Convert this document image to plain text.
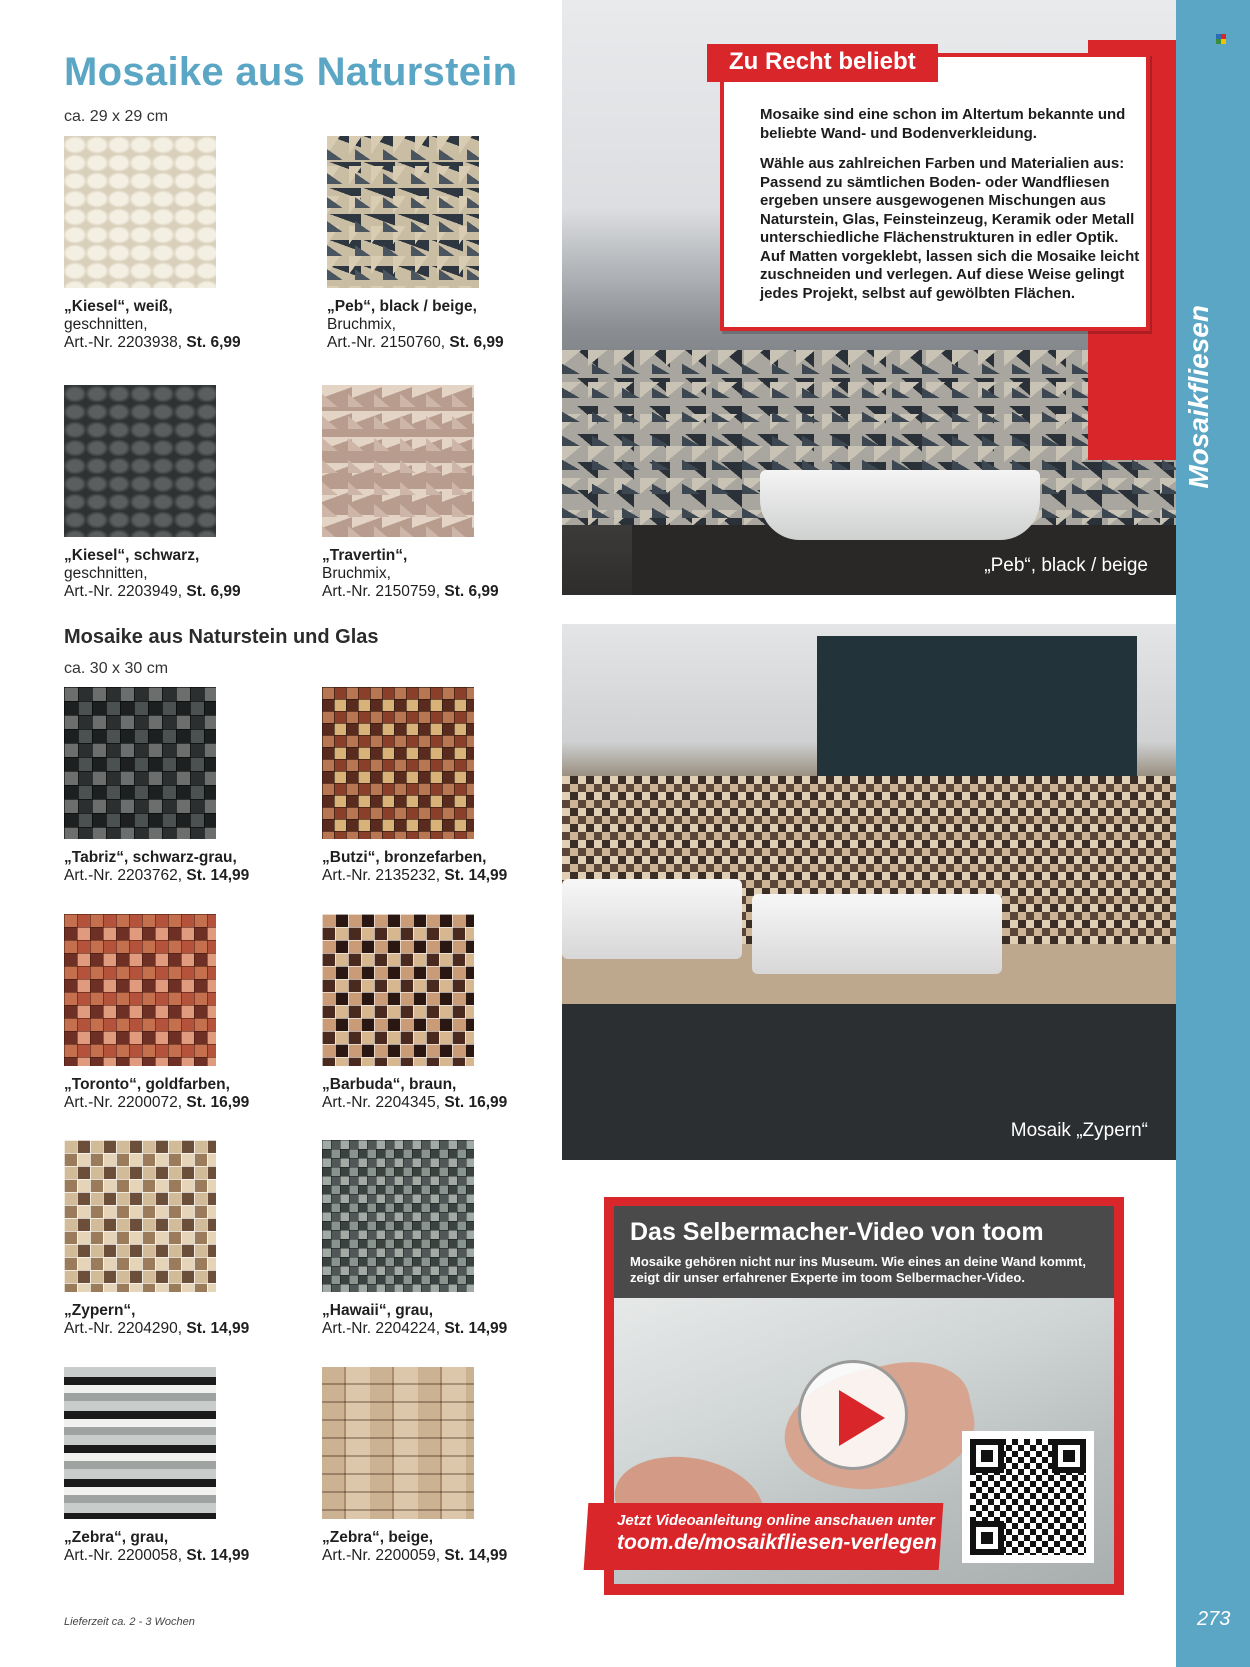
Mosaike aus Naturstein
ca. 29 x 29 cm
„Kiesel“, weiß,
geschnitten,
Art.-Nr. 2203938, St. 6,99
„Peb“, black / beige,
Bruchmix,
Art.-Nr. 2150760, St. 6,99
„Kiesel“, schwarz,
geschnitten,
Art.-Nr. 2203949, St. 6,99
„Travertin“,
Bruchmix,
Art.-Nr. 2150759, St. 6,99
Mosaike aus Naturstein und Glas
ca. 30 x 30 cm
„Tabriz“, schwarz-grau,
Art.-Nr. 2203762, St. 14,99
„Butzi“, bronzefarben,
Art.-Nr. 2135232, St. 14,99
„Toronto“, goldfarben,
Art.-Nr. 2200072, St. 16,99
„Barbuda“, braun,
Art.-Nr. 2204345, St. 16,99
„Zypern“,
Art.-Nr. 2204290, St. 14,99
„Hawaii“, grau,
Art.-Nr. 2204224, St. 14,99
„Zebra“, grau,
Art.-Nr. 2200058, St. 14,99
„Zebra“, beige,
Art.-Nr. 2200059, St. 14,99
Lieferzeit ca. 2 - 3 Wochen
„Peb“, black / beige
Zu Recht beliebt

Mosaike sind eine schon im Altertum bekannte und beliebte Wand- und Bodenverkleidung.

Wähle aus zahlreichen Farben und Materialien aus: Passend zu sämtlichen Boden- oder Wandfliesen ergeben unsere ausgewogenen Mischungen aus Naturstein, Glas, Feinsteinzeug, Keramik oder Metall unterschiedliche Flächenstrukturen in edler Optik. Auf Matten vorgeklebt, lassen sich die Mosaike leicht zuschneiden und verlegen. Auf diese Weise gelingt jedes Projekt, selbst auf gewölbten Flächen.

Mosaik „Zypern“
Das Selbermacher-Video von toom
Mosaike gehören nicht nur ins Museum. Wie eines an deine Wand kommt, zeigt dir unser erfahrener Experte im toom Selbermacher-Video.
Jetzt Videoanleitung online anschauen unter
toom.de/mosaikfliesen-verlegen
Mosaikfliesen
273
